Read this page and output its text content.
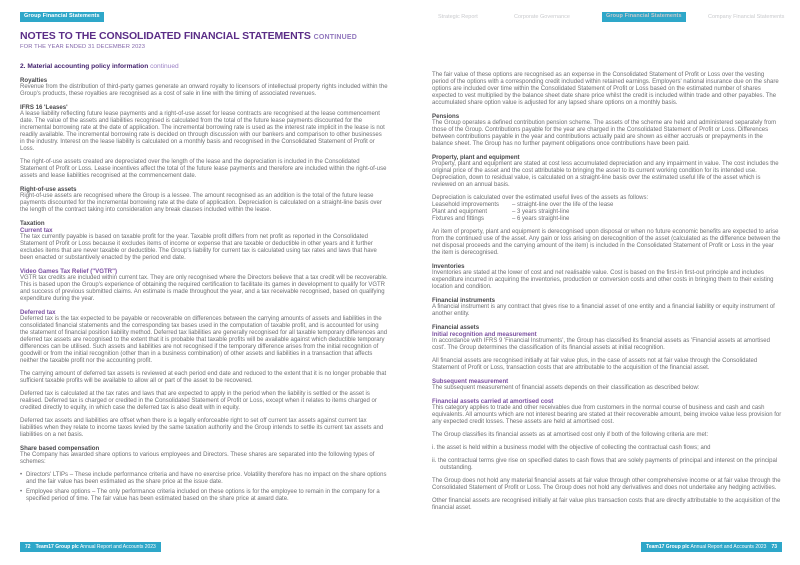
Group Financial Statements	Strategic Report	Corporate Governance	Group Financial Statements	Company Financial Statements
NOTES TO THE CONSOLIDATED FINANCIAL STATEMENTS CONTINUED
FOR THE YEAR ENDED 31 DECEMBER 2023
2. Material accounting policy information continued
Royalties

Revenue from the distribution of third-party games generate an onward royalty to licensors of intellectual property rights included within the Group's products, these royalties are recognised as a cost of sale in line with the timing of associated revenues.

IFRS 16 'Leases'

A lease liability reflecting future lease payments and a right-of-use asset for lease contracts are recognised at the lease commencement date. The value of the assets and liabilities recognised is calculated from the total of the future lease payments discounted for the incremental borrowing rate at the date of application. The incremental borrowing rate is used as the interest rate implicit in the lease is not readily available. The incremental borrowing rate is decided on through discussion with our bankers and comparison to other businesses in the industry. Interest on the lease liability is calculated on a monthly basis and recognised in the Consolidated Statement of Profit or Loss.

The right-of-use assets created are depreciated over the length of the lease and the depreciation is included in the Consolidated Statement of Profit or Loss. Lease incentives affect the total of the future lease payments and therefore are included within the right-of-use assets and lease liabilities recognised at the commencement date.

Right-of-use assets

Right-of-use assets are recognised where the Group is a lessee. The amount recognised as an addition is the total of the future lease payments discounted for the incremental borrowing rate at the date of application. Depreciation is calculated on a straight-line basis over the length of the contract taking into consideration any break clauses included within the lease.

Taxation
Current tax

The tax currently payable is based on taxable profit for the year. Taxable profit differs from net profit as reported in the Consolidated Statement of Profit or Loss because it excludes items of income or expense that are taxable or deductible in other years and it further excludes items that are never taxable or deductible. The Group's liability for current tax is calculated using tax rates and laws that have been enacted or substantively enacted by the period end date.

Video Games Tax Relief ("VGTR")

VGTR tax credits are included within current tax. They are only recognised where the Directors believe that a tax credit will be recoverable. This is based upon the Group's experience of obtaining the required certification to facilitate its games in development to qualify for VGTR and success of previous submitted claims. An estimate is made throughout the year, and a tax receivable recognised, based on qualifying expenditure during the year.

Deferred tax

Deferred tax is the tax expected to be payable or recoverable on differences between the carrying amounts of assets and liabilities in the consolidated financial statements and the corresponding tax bases used in the computation of taxable profit, and is accounted for using the statement of financial position liability method. Deferred tax liabilities are generally recognised for all taxable temporary differences and deferred tax assets are recognised to the extent that it is probable that taxable profits will be available against which deductible temporary differences can be utilised. Such assets and liabilities are not recognised if the temporary difference arises from the initial recognition of goodwill or from the initial recognition (other than in a business combination) of other assets and liabilities in a transaction that affects neither the taxable profit nor the accounting profit.

The carrying amount of deferred tax assets is reviewed at each period end date and reduced to the extent that it is no longer probable that sufficient taxable profits will be available to allow all or part of the asset to be recovered.

Deferred tax is calculated at the tax rates and laws that are expected to apply in the period when the liability is settled or the asset is realised. Deferred tax is charged or credited in the Consolidated Statement of Profit or Loss, except when it relates to items charged or credited directly to equity, in which case the deferred tax is also dealt with in equity.

Deferred tax assets and liabilities are offset when there is a legally enforceable right to set off current tax assets against current tax liabilities when they relate to income taxes levied by the same taxation authority and the Group intends to settle its current tax assets and liabilities on a net basis.

Share based compensation

The Company has awarded share options to various employees and Directors. These shares are separated into the following types of schemes:

• Directors' LTIPs – These include performance criteria and have no exercise price. Volatility therefore has no impact on the share options and the fair value has been estimated as the share price at the issue date.

• Employee share options – The only performance criteria included on these options is for the employee to remain in the company for a specified period of time. The fair value has been estimated based on the share price at award date.

The fair value of these options are recognised as an expense in the Consolidated Statement of Profit or Loss over the vesting period of the options with a corresponding credit included within retained earnings. Employers' national insurance due on the share options are included over time within the Consolidated Statement of Profit or Loss based on the estimated number of shares expected to vest multiplied by the balance sheet date share price whilst the credit is included within trade and other payables. The accumulated share option value is adjusted for any lapsed share options on a monthly basis.

Pensions

The Group operates a defined contribution pension scheme. The assets of the scheme are held and administered separately from those of the Group. Contributions payable for the year are charged in the Consolidated Statement of Profit or Loss. Differences between contributions payable in the year and contributions actually paid are shown as either accruals or prepayments in the balance sheet. The Group has no further payment obligations once contributions have been paid.

Property, plant and equipment

Property, plant and equipment are stated at cost less accumulated depreciation and any impairment in value. The cost includes the original price of the asset and the cost attributable to bringing the asset to its current working condition for its intended use. Depreciation, down to residual value, is calculated on a straight-line basis over the estimated useful life of the asset which is reviewed on an annual basis.

Depreciation is calculated over the estimated useful lives of the assets as follows:

Leasehold improvements – straight-line over the life of the lease
Plant and equipment	– 3 years straight-line
Fixtures and fittings	– 6 years straight-line

An item of property, plant and equipment is derecognised upon disposal or when no future economic benefits are expected to arise from the continued use of the asset. Any gain or loss arising on derecognition of the asset (calculated as the difference between the net disposal proceeds and the carrying amount of the item) is included in the Consolidated Statement of Profit or Loss in the year the item is derecognised.

Inventories

Inventories are stated at the lower of cost and net realisable value. Cost is based on the first-in first-out principle and includes expenditure incurred in acquiring the inventories, production or conversion costs and other costs in bringing them to their existing location and condition.

Financial instruments

A financial instrument is any contract that gives rise to a financial asset of one entity and a financial liability or equity instrument of another entity.

Financial assets
Initial recognition and measurement

In accordance with IFRS 9 'Financial Instruments', the Group has classified its financial assets as 'Financial assets at amortised cost'. The Group determines the classification of its financial assets at initial recognition.

All financial assets are recognised initially at fair value plus, in the case of assets not at fair value through the Consolidated Statement of Profit or Loss, transaction costs that are attributable to the acquisition of the financial asset.

Subsequent measurement

The subsequent measurement of financial assets depends on their classification as described below:

Financial assets carried at amortised cost

This category applies to trade and other receivables due from customers in the normal course of business and cash and cash equivalents. All amounts which are not interest bearing are stated at their recoverable amount, being invoice value less provision for any expected credit losses. These assets are held at amortised cost.

The Group classifies its financial assets as at amortised cost only if both of the following criteria are met:

i. the asset is held within a business model with the objective of collecting the contractual cash flows; and

ii. the contractual terms give rise on specified dates to cash flows that are solely payments of principal and interest on the principal outstanding.

The Group does not hold any material financial assets at fair value through other comprehensive income or at fair value through the Consolidated Statement of Profit or Loss. The Group does not hold any derivatives and does not undertake any hedging activities.

Other financial assets are recognised initially at fair value plus transaction costs that are directly attributable to the acquisition of the financial asset.

72 Team17 Group plc Annual Report and Accounts 2023	Team17 Group plc Annual Report and Accounts 2023 73
